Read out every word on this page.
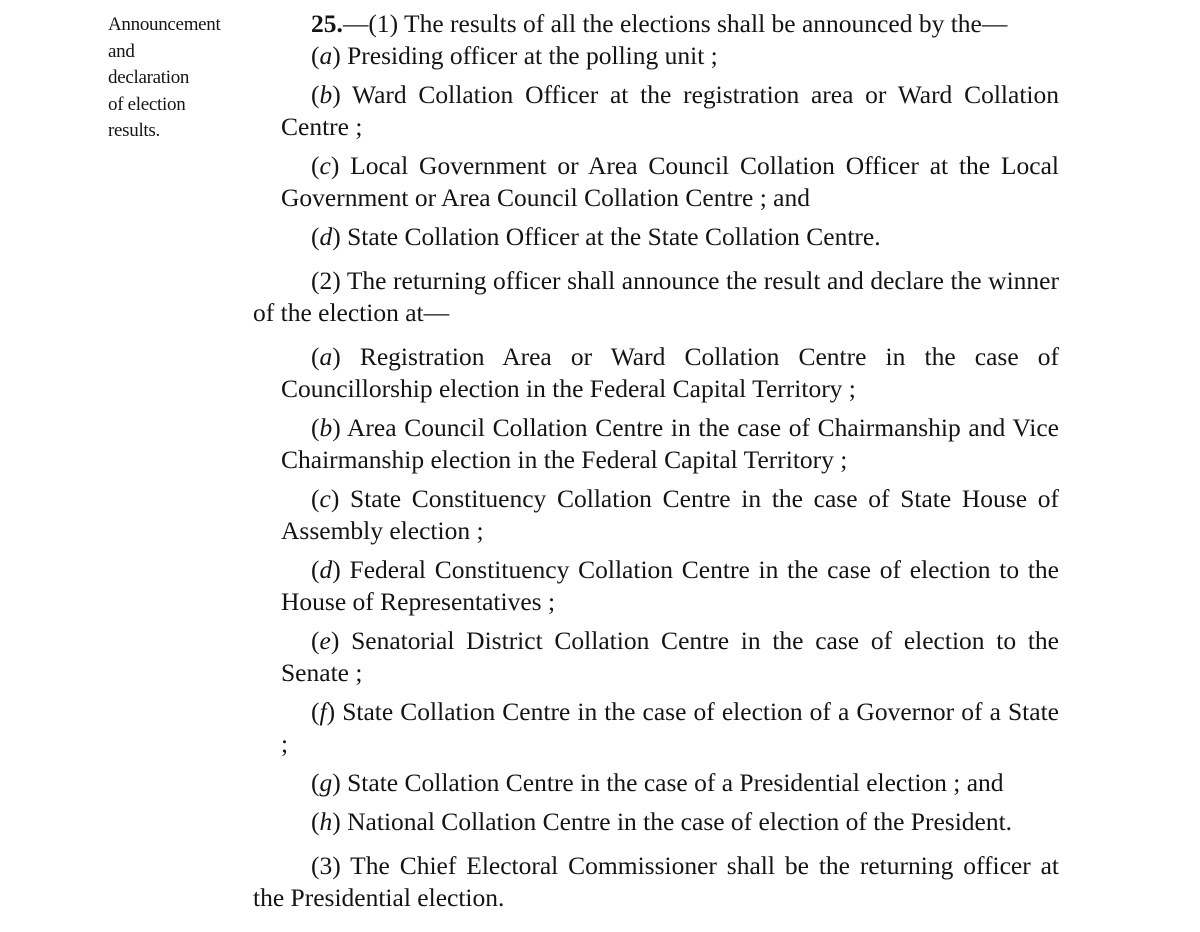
Announcement
and
declaration
of election
results.

25.—(1) The results of all the elections shall be announced by the—

(a) Presiding officer at the polling unit ;

(b) Ward Collation Officer at the registration area or Ward Collation Centre ;

(c) Local Government or Area Council Collation Officer at the Local Government or Area Council Collation Centre ; and

(d) State Collation Officer at the State Collation Centre.

(2) The returning officer shall announce the result and declare the winner of the election at—

(a) Registration Area or Ward Collation Centre in the case of Councillorship election in the Federal Capital Territory ;

(b) Area Council Collation Centre in the case of Chairmanship and Vice Chairmanship election in the Federal Capital Territory ;

(c) State Constituency Collation Centre in the case of State House of Assembly election ;

(d) Federal Constituency Collation Centre in the case of election to the House of Representatives ;

(e) Senatorial District Collation Centre in the case of election to the Senate ;

(f) State Collation Centre in the case of election of a Governor of a State ;

(g) State Collation Centre in the case of a Presidential election ; and

(h) National Collation Centre in the case of election of the President.

(3) The Chief Electoral Commissioner shall be the returning officer at the Presidential election.
